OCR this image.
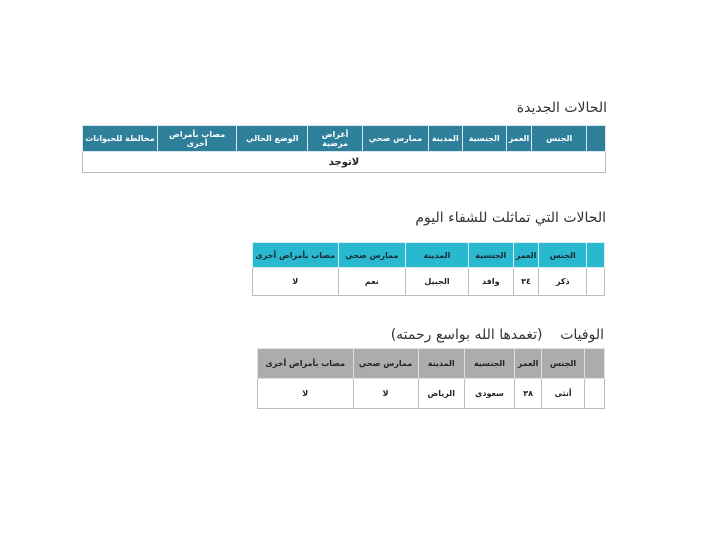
الحالات الجديدة
	الجنس	العمر	الجنسية	المدينة	ممارس صحي	أغراض مرضية	الوضع الحالي	مصاب بأمراض أخرى	مخالطة للحيوانات
لاتوجد
الحالات التي تماثلت للشفاء اليوم
	الجنس	العمر	الجنسية	المدينة	ممارس صحي	مصاب بأمراض أخرى
	ذكر	٣٤	وافد	الجبيل	نعم	لا
الوفيات    (تغمدها الله بواسع رحمته)
	الجنس	العمر	الجنسية	المدينة	ممارس صحي	مصاب بأمراض أخرى
	أنثى	٣٨	سعودي	الرياض	لا	لا
